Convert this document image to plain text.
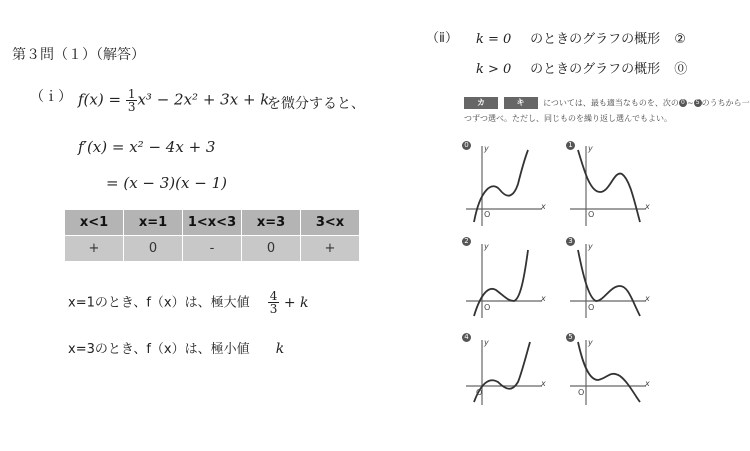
第３問（１）（解答）
（ｉ） $f(x) = \frac{1}{3} x^3 - 2x^2 + 3x + k$
を微分すると、
f′(x) = x² − 4x + 3
= (x − 3)(x − 1)
x<1	x=1	1<x<3	x=3	3<x
+	0	-	0	+
x=1のとき、f（x）は、極大値 $\frac{4}{3} + k$
x=3のとき、f（x）は、極小値 k
（ⅱ） k = 0 のときのグラフの概形 ②
k > 0 のときのグラフの概形 ⓪
カ	キ については、最も適当なものを、次の 0 ~ 5 のうちから一
つずつ選べ。ただし、同じものを繰り返し選んでもよい。
0	1
2	3
4	5
x
y
O
x
y
O
x
y
O
x
y
O
x
y
O
x
y
O
